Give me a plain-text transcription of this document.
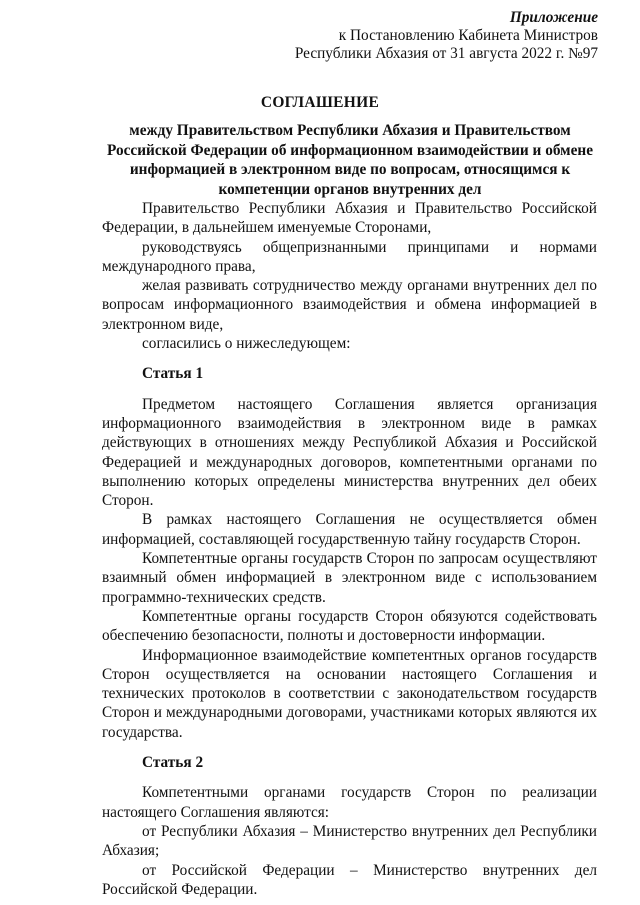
Приложение
к Постановлению Кабинета Министров
Республики Абхазия от 31 августа 2022 г. №97
СОГЛАШЕНИЕ
между Правительством Республики Абхазия и Правительством Российской Федерации об информационном взаимодействии и обмене информацией в электронном виде по вопросам, относящимся к компетенции органов внутренних дел

Правительство Республики Абхазия и Правительство Российской Федерации, в дальнейшем именуемые Сторонами,

руководствуясь общепризнанными принципами и нормами международного права,

желая развивать сотрудничество между органами внутренних дел по вопросам информационного взаимодействия и обмена информацией в электронном виде,

согласились о нижеследующем:

Статья 1

Предметом настоящего Соглашения является организация информационного взаимодействия в электронном виде в рамках действующих в отношениях между Республикой Абхазия и Российской Федерацией и международных договоров, компетентными органами по выполнению которых определены министерства внутренних дел обеих Сторон.

В рамках настоящего Соглашения не осуществляется обмен информацией, составляющей государственную тайну государств Сторон.

Компетентные органы государств Сторон по запросам осуществляют взаимный обмен информацией в электронном виде с использованием программно-технических средств.

Компетентные органы государств Сторон обязуются содействовать обеспечению безопасности, полноты и достоверности информации.

Информационное взаимодействие компетентных органов государств Сторон осуществляется на основании настоящего Соглашения и технических протоколов в соответствии с законодательством государств Сторон и международными договорами, участниками которых являются их государства.

Статья 2

Компетентными органами государств Сторон по реализации настоящего Соглашения являются:

от Республики Абхазия – Министерство внутренних дел Республики Абхазия;

от Российской Федерации – Министерство внутренних дел Российской Федерации.
